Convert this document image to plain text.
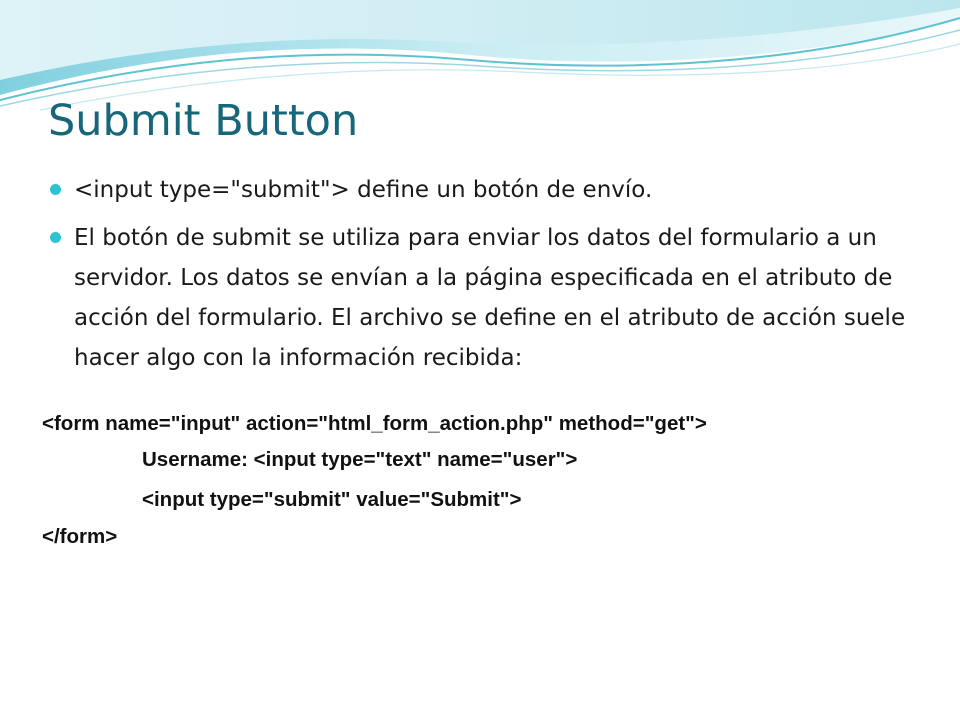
Submit Button
<input type="submit"> define un botón de envío.
El botón de submit se utiliza para enviar los datos del formulario a un servidor. Los datos se envían a la página especificada en el atributo de acción del formulario. El archivo se define en el atributo de acción suele hacer algo con la información recibida:
<form name="input" action="html_form_action.php" method="get">
Username: <input type="text" name="user">
<input type="submit" value="Submit">
</form>
